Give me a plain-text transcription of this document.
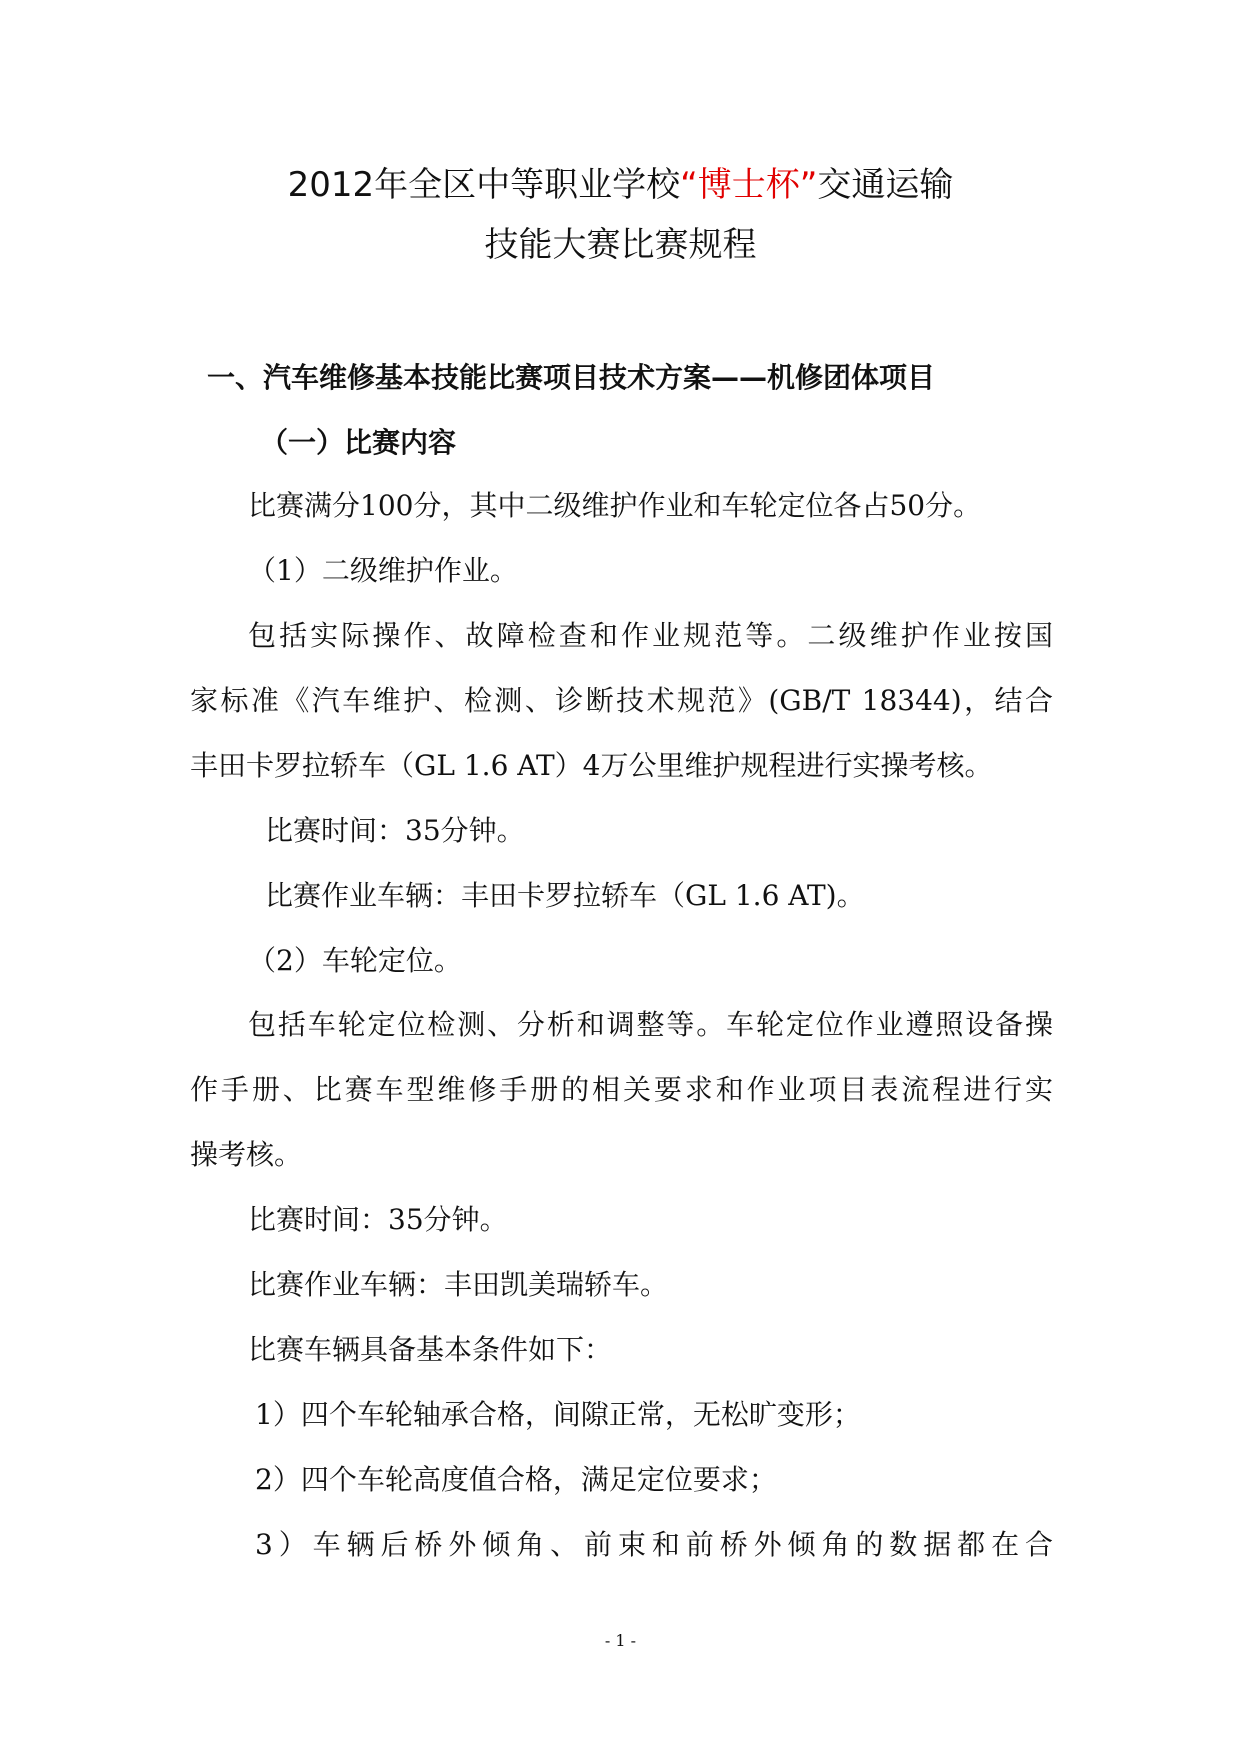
2012年全区中等职业学校“博士杯”交通运输
技能大赛比赛规程
一、汽车维修基本技能比赛项目技术方案——机修团体项目
（一）比赛内容
比赛满分100分，其中二级维护作业和车轮定位各占50分。
（1）二级维护作业。
包括实际操作、故障检查和作业规范等。二级维护作业按国
家标准《汽车维护、检测、诊断技术规范》(GB/T 18344)，结合
丰田卡罗拉轿车（GL 1.6 AT）4万公里维护规程进行实操考核。
比赛时间：35分钟。
比赛作业车辆：丰田卡罗拉轿车（GL 1.6 AT)。
（2）车轮定位。
包括车轮定位检测、分析和调整等。车轮定位作业遵照设备操
作手册、比赛车型维修手册的相关要求和作业项目表流程进行实
操考核。
比赛时间：35分钟。
比赛作业车辆：丰田凯美瑞轿车。
比赛车辆具备基本条件如下：
1）四个车轮轴承合格，间隙正常，无松旷变形；
2）四个车轮高度值合格，满足定位要求；
3）车辆后桥外倾角、前束和前桥外倾角的数据都在合
- 1 -
